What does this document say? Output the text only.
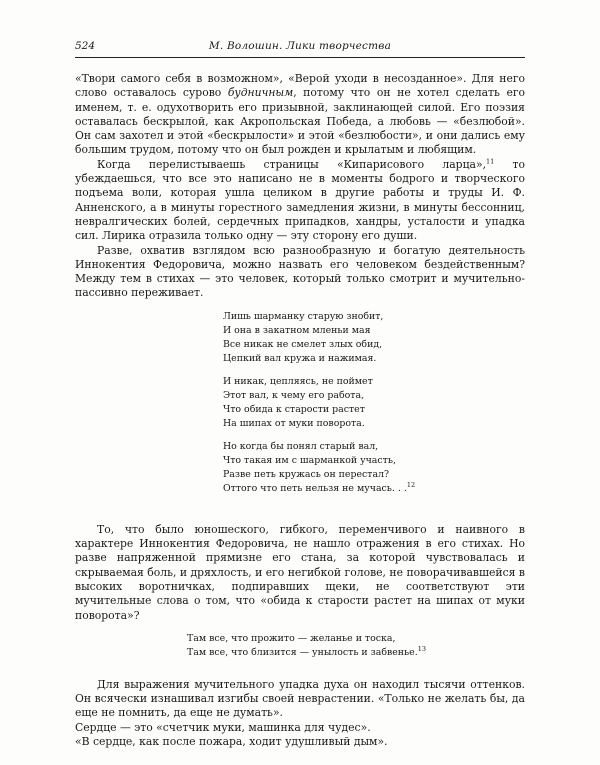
524	М. Волошин. Лики творчества

«Твори самого себя в возможном», «Верой уходи в несозданное». Для него слово оставалось сурово будничным, потому что он не хотел сделать его именем, т. е. одухотворить его призывной, заклинающей силой. Его поэзия оставалась бескрылой, как Акропольская Победа, а любовь — «безлюбой». Он сам захотел и этой «бескрылости» и этой «безлюбости», и они дались ему большим трудом, потому что он был рожден и крылатым и любящим.

Когда перелистываешь страницы «Кипарисового ларца»,$^{11}$ то убеждаешься, что все это написано не в моменты бодрого и творческого подъема воли, которая ушла целиком в другие работы и труды И. Ф. Анненского, а в минуты горестного замедления жизни, в минуты бессонниц, невралгических болей, сердечных припадков, хандры, усталости и упадка сил. Лирика отразила только одну — эту сторону его души.

Разве, охватив взглядом всю разнообразную и богатую деятельность Иннокентия Федоровича, можно назвать его человеком бездейственным? Между тем в стихах — это человек, который только смотрит и мучительно-пассивно переживает.

Лишь шарманку старую знобит,
И она в закатном мленьи мая
Все никак не смелет злых обид,
Цепкий вал кружа и нажимая.
И никак, цепляясь, не поймет
Этот вал, к чему его работа,
Что обида к старости растет
На шипах от муки поворота.
Но когда бы понял старый вал,
Что такая им с шарманкой участь,
Разве петь кружась он перестал?
Оттого что петь нельзя не мучась. . .$^{12}$

То, что было юношеского, гибкого, переменчивого и наивного в характере Иннокентия Федоровича, не нашло отражения в его стихах. Но разве напряженной прямизне его стана, за которой чувствовалась и скрываемая боль, и дряхлость, и его негибкой голове, не поворачивавшейся в высоких воротничках, подпиравших щеки, не соответствуют эти мучительные слова о том, что «обида к старости растет на шипах от муки поворота»?

Там все, что прожито — желанье и тоска,
Там все, что близится — унылость и забвенье.$^{13}$

Для выражения мучительного упадка духа он находил тысячи оттенков. Он всячески изнашивал изгибы своей неврастении. «Только не желать бы, да еще не помнить, да еще не думать».

Сердце — это «счетчик муки, машинка для чудес».

«В сердце, как после пожара, ходит удушливый дым».
